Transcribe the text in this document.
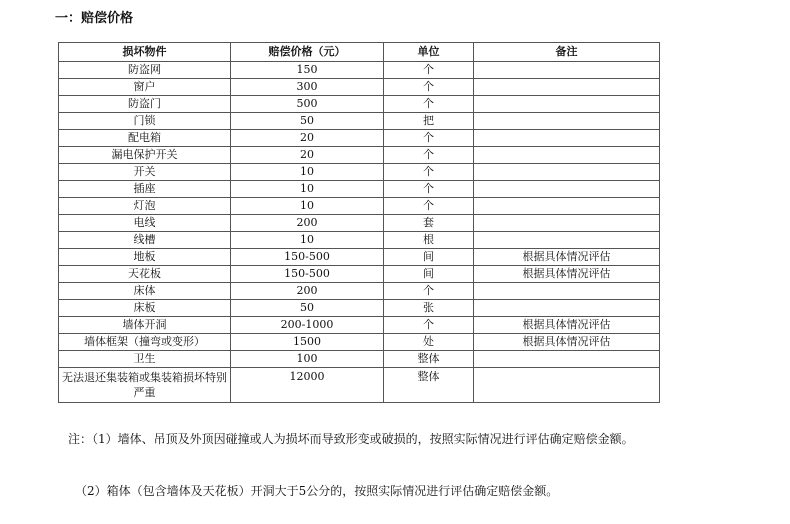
一：赔偿价格
损坏物件	赔偿价格（元）	单位	备注
防盗网	150	个	
窗户	300	个	
防盗门	500	个	
门锁	50	把	
配电箱	20	个	
漏电保护开关	20	个	
开关	10	个	
插座	10	个	
灯泡	10	个	
电线	200	套	
线槽	10	根	
地板	150-500	间	根据具体情况评估
天花板	150-500	间	根据具体情况评估
床体	200	个	
床板	50	张	
墙体开洞	200-1000	个	根据具体情况评估
墙体框架（撞弯或变形）	1500	处	根据具体情况评估
卫生	100	整体	
无法退还集装箱或集装箱损坏特别严重	12000	整体	
注：（1）墙体、吊顶及外顶因碰撞或人为损坏而导致形变或破损的，按照实际情况进行评估确定赔偿金额。
（2）箱体（包含墙体及天花板）开洞大于5公分的，按照实际情况进行评估确定赔偿金额。
